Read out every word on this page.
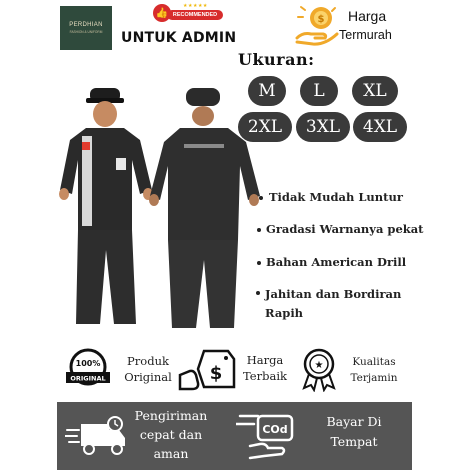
PERDHIAN
FASHION & UNIFORM
★★★★★
RECOMMENDED
👍
UNTUK ADMIN
$ Harga
Termurah
Ukuran:
M	L	XL
2XL	3XL	4XL
Tidak Mudah Luntur
Gradasi Warnanya pekat
Bahan American Drill
Jahitan dan Bordiran Rapih
100%
ORIGINAL
Produk Original $
Harga Terbaik
★	Kualitas Terjamin
Pengiriman cepat dan aman
COd
Bayar Di Tempat
